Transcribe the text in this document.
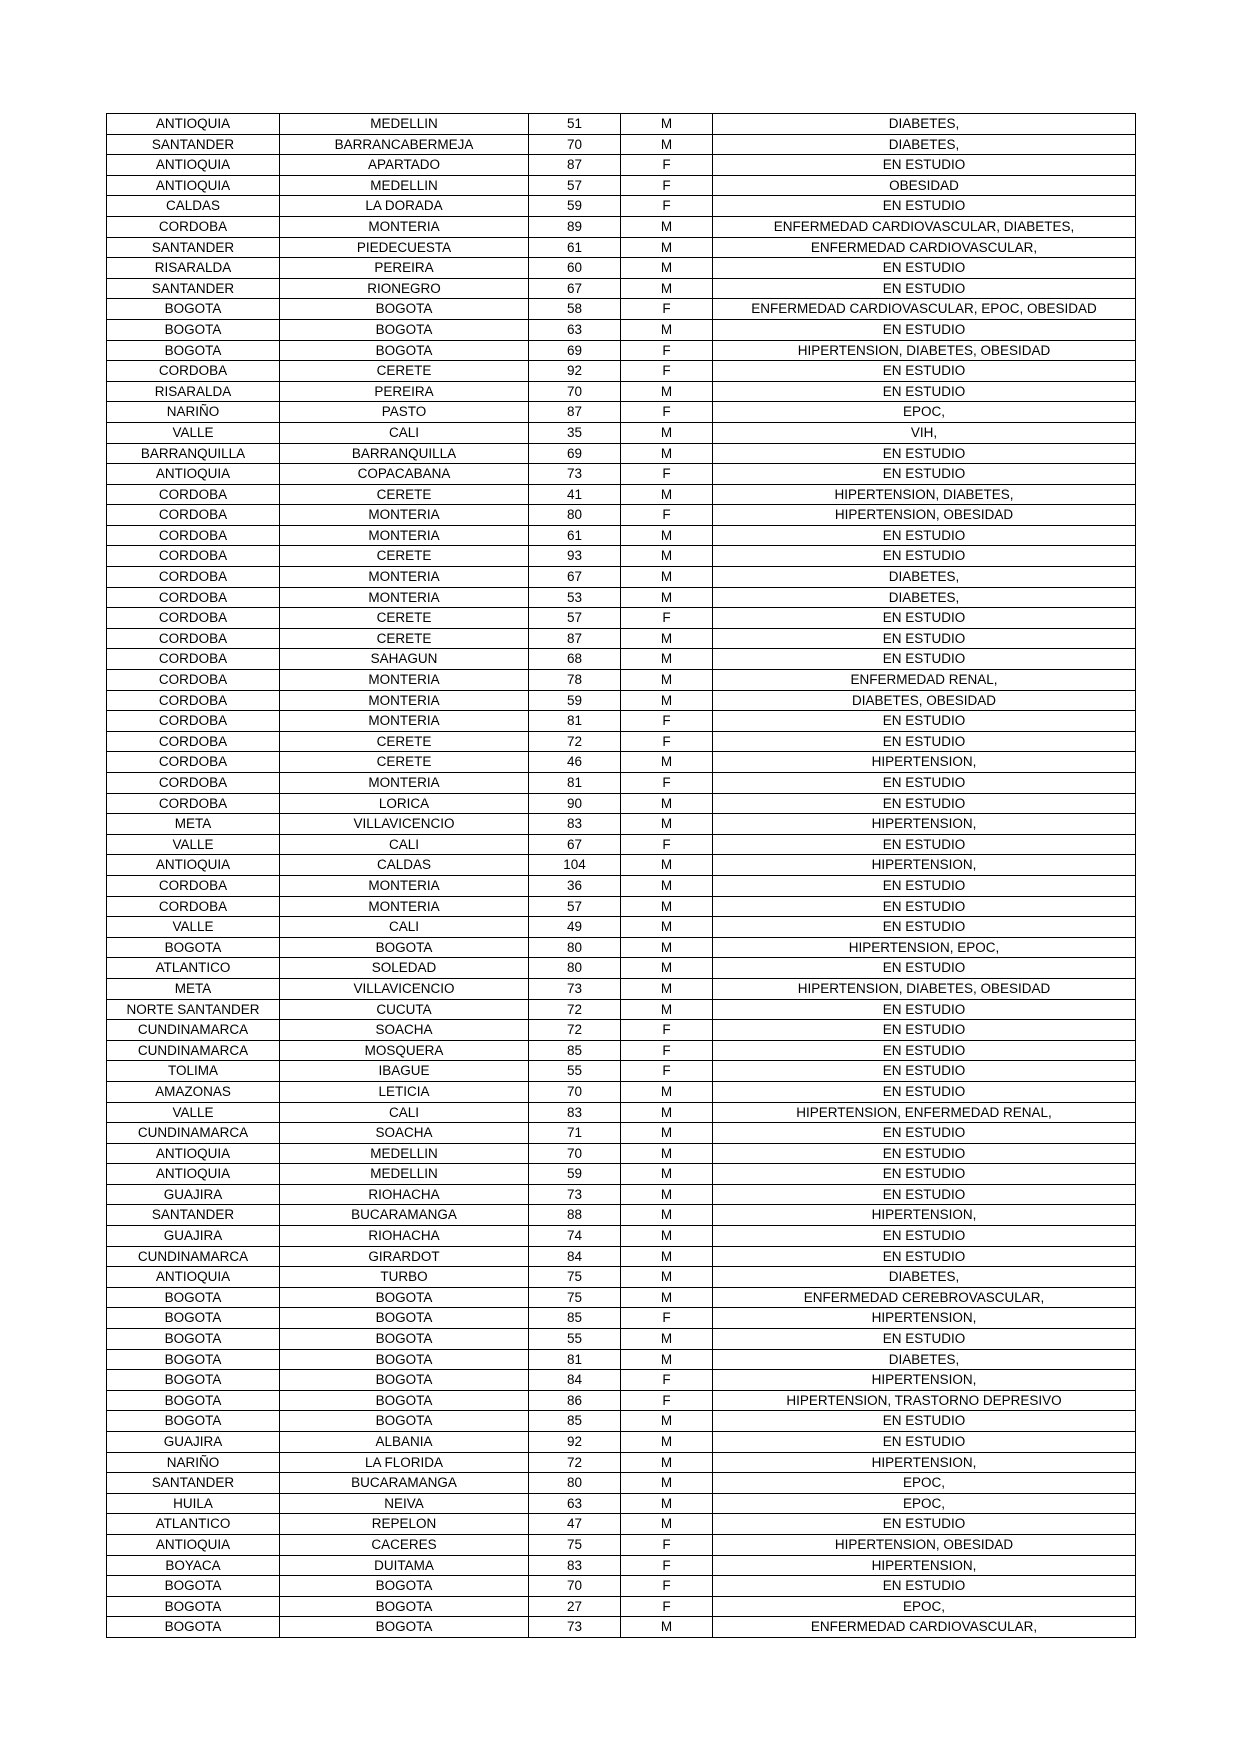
ANTIOQUIA	MEDELLIN	51	M	DIABETES,
SANTANDER	BARRANCABERMEJA	70	M	DIABETES,
ANTIOQUIA	APARTADO	87	F	EN ESTUDIO
ANTIOQUIA	MEDELLIN	57	F	OBESIDAD
CALDAS	LA DORADA	59	F	EN ESTUDIO
CORDOBA	MONTERIA	89	M	ENFERMEDAD CARDIOVASCULAR, DIABETES,
SANTANDER	PIEDECUESTA	61	M	ENFERMEDAD CARDIOVASCULAR,
RISARALDA	PEREIRA	60	M	EN ESTUDIO
SANTANDER	RIONEGRO	67	M	EN ESTUDIO
BOGOTA	BOGOTA	58	F	ENFERMEDAD CARDIOVASCULAR, EPOC, OBESIDAD
BOGOTA	BOGOTA	63	M	EN ESTUDIO
BOGOTA	BOGOTA	69	F	HIPERTENSION, DIABETES, OBESIDAD
CORDOBA	CERETE	92	F	EN ESTUDIO
RISARALDA	PEREIRA	70	M	EN ESTUDIO
NARIÑO	PASTO	87	F	EPOC,
VALLE	CALI	35	M	VIH,
BARRANQUILLA	BARRANQUILLA	69	M	EN ESTUDIO
ANTIOQUIA	COPACABANA	73	F	EN ESTUDIO
CORDOBA	CERETE	41	M	HIPERTENSION, DIABETES,
CORDOBA	MONTERIA	80	F	HIPERTENSION, OBESIDAD
CORDOBA	MONTERIA	61	M	EN ESTUDIO
CORDOBA	CERETE	93	M	EN ESTUDIO
CORDOBA	MONTERIA	67	M	DIABETES,
CORDOBA	MONTERIA	53	M	DIABETES,
CORDOBA	CERETE	57	F	EN ESTUDIO
CORDOBA	CERETE	87	M	EN ESTUDIO
CORDOBA	SAHAGUN	68	M	EN ESTUDIO
CORDOBA	MONTERIA	78	M	ENFERMEDAD RENAL,
CORDOBA	MONTERIA	59	M	DIABETES, OBESIDAD
CORDOBA	MONTERIA	81	F	EN ESTUDIO
CORDOBA	CERETE	72	F	EN ESTUDIO
CORDOBA	CERETE	46	M	HIPERTENSION,
CORDOBA	MONTERIA	81	F	EN ESTUDIO
CORDOBA	LORICA	90	M	EN ESTUDIO
META	VILLAVICENCIO	83	M	HIPERTENSION,
VALLE	CALI	67	F	EN ESTUDIO
ANTIOQUIA	CALDAS	104	M	HIPERTENSION,
CORDOBA	MONTERIA	36	M	EN ESTUDIO
CORDOBA	MONTERIA	57	M	EN ESTUDIO
VALLE	CALI	49	M	EN ESTUDIO
BOGOTA	BOGOTA	80	M	HIPERTENSION, EPOC,
ATLANTICO	SOLEDAD	80	M	EN ESTUDIO
META	VILLAVICENCIO	73	M	HIPERTENSION, DIABETES, OBESIDAD
NORTE SANTANDER	CUCUTA	72	M	EN ESTUDIO
CUNDINAMARCA	SOACHA	72	F	EN ESTUDIO
CUNDINAMARCA	MOSQUERA	85	F	EN ESTUDIO
TOLIMA	IBAGUE	55	F	EN ESTUDIO
AMAZONAS	LETICIA	70	M	EN ESTUDIO
VALLE	CALI	83	M	HIPERTENSION, ENFERMEDAD RENAL,
CUNDINAMARCA	SOACHA	71	M	EN ESTUDIO
ANTIOQUIA	MEDELLIN	70	M	EN ESTUDIO
ANTIOQUIA	MEDELLIN	59	M	EN ESTUDIO
GUAJIRA	RIOHACHA	73	M	EN ESTUDIO
SANTANDER	BUCARAMANGA	88	M	HIPERTENSION,
GUAJIRA	RIOHACHA	74	M	EN ESTUDIO
CUNDINAMARCA	GIRARDOT	84	M	EN ESTUDIO
ANTIOQUIA	TURBO	75	M	DIABETES,
BOGOTA	BOGOTA	75	M	ENFERMEDAD CEREBROVASCULAR,
BOGOTA	BOGOTA	85	F	HIPERTENSION,
BOGOTA	BOGOTA	55	M	EN ESTUDIO
BOGOTA	BOGOTA	81	M	DIABETES,
BOGOTA	BOGOTA	84	F	HIPERTENSION,
BOGOTA	BOGOTA	86	F	HIPERTENSION, TRASTORNO DEPRESIVO
BOGOTA	BOGOTA	85	M	EN ESTUDIO
GUAJIRA	ALBANIA	92	M	EN ESTUDIO
NARIÑO	LA FLORIDA	72	M	HIPERTENSION,
SANTANDER	BUCARAMANGA	80	M	EPOC,
HUILA	NEIVA	63	M	EPOC,
ATLANTICO	REPELON	47	M	EN ESTUDIO
ANTIOQUIA	CACERES	75	F	HIPERTENSION, OBESIDAD
BOYACA	DUITAMA	83	F	HIPERTENSION,
BOGOTA	BOGOTA	70	F	EN ESTUDIO
BOGOTA	BOGOTA	27	F	EPOC,
BOGOTA	BOGOTA	73	M	ENFERMEDAD CARDIOVASCULAR,
